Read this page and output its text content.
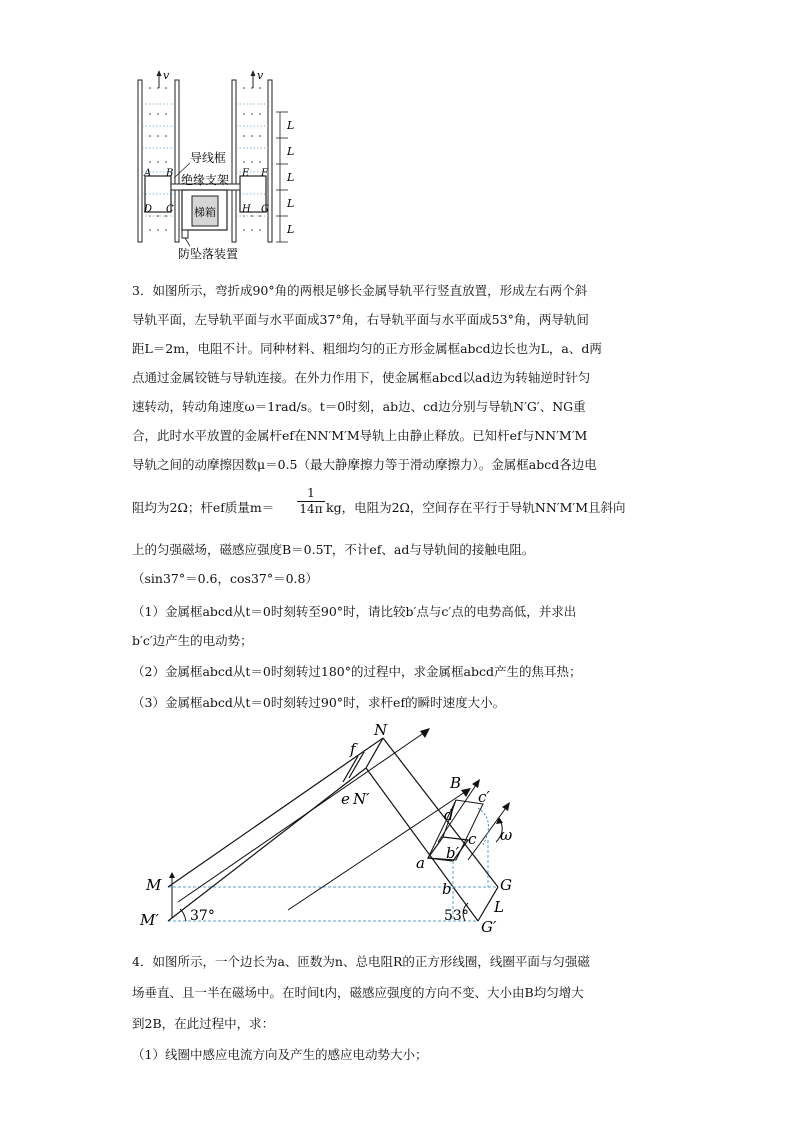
v	v
L
L
L
L
L
梯箱
防坠落装置
导线框
绝缘支架
A B
D C
E F
H G
3．如图所示，弯折成90°角的两根足够长金属导轨平行竖直放置，形成左右两个斜
导轨平面，左导轨平面与水平面成37°角，右导轨平面与水平面成53°角，两导轨间
距L＝2m，电阻不计。同种材料、粗细均匀的正方形金属框abcd边长也为L，a、d两
点通过金属铰链与导轨连接。在外力作用下，使金属框abcd以ad边为转轴逆时针匀
速转动，转动角速度ω＝1rad/s。t＝0时刻，ab边、cd边分别与导轨N′G′、NG重
合，此时水平放置的金属杆ef在NN′M′M导轨上由静止释放。已知杆ef与NN′M′M
导轨之间的动摩擦因数μ＝0.5（最大静摩擦力等于滑动摩擦力）。金属框abcd各边电
阻均为2Ω；杆ef质量$m= \frac{1}{14\pi}$ kg，电阻为2Ω，空间存在平行于导轨NN′M′M且斜向
上的匀强磁场，磁感应强度B＝0.5T，不计ef、ad与导轨间的接触电阻。
（sin37°＝0.6，cos37°＝0.8）
（1）金属框abcd从t＝0时刻转至90°时，请比较b′点与c′点的电势高低，并求出
b′c′边产生的电动势；
（2）金属框abcd从t＝0时刻转过180°的过程中，求金属框abcd产生的焦耳热；
（3）金属框abcd从t＝0时刻转过90°时，求杆ef的瞬时速度大小。
N
f
e N′
B
c′
d
c
b′
ω
a
b
M
M′ 37°	53°
G
L
G′
4．如图所示，一个边长为a、匝数为n、总电阻R的正方形线圈，线圈平面与匀强磁
场垂直、且一半在磁场中。在时间t内，磁感应强度的方向不变、大小由B均匀增大
到2B，在此过程中，求：
（1）线圈中感应电流方向及产生的感应电动势大小；
